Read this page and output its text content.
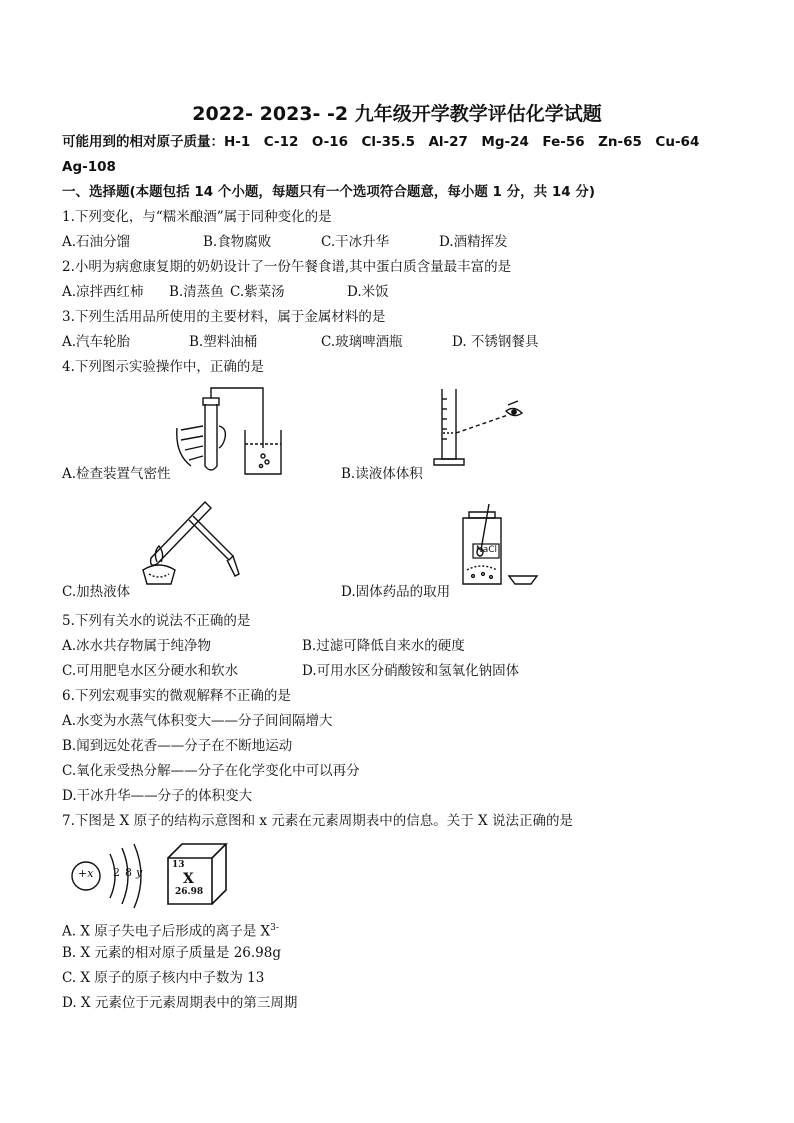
2022- 2023- -2 九年级开学教学评估化学试题
可能用到的相对原子质量：H-1　C-12　O-16　Cl-35.5　Al-27　Mg-24　Fe-56　Zn-65　Cu-64
Ag-108
一、选择题(本题包括 14 个小题，每题只有一个选项符合题意，每小题 1 分，共 14 分)
1.下列变化，与“糯米酿酒”属于同种变化的是
A.石油分馏	B.食物腐败	C.干冰升华	D.酒精挥发
2.小明为病愈康复期的奶奶设计了一份午餐食谱,其中蛋白质含量最丰富的是
A.凉拌西红柿 B.清蒸鱼 C.紫菜汤	D.米饭
3.下列生活用品所使用的主要材料，属于金属材料的是
A.汽车轮胎	B.塑料油桶	C.玻璃啤酒瓶	D. 不锈钢餐具
4.下列图示实验操作中，正确的是
A.检查装置气密性	B.读液体体积
C.加热液体
NaCl
D.固体药品的取用
5.下列有关水的说法不正确的是
A.冰水共存物属于纯净物	B.过滤可降低自来水的硬度
C.可用肥皂水区分硬水和软水	D.可用水区分硝酸铵和氢氧化钠固体
6.下列宏观事实的微观解释不正确的是
A.水变为水蒸气体积变大——分子间间隔增大
B.闻到远处花香——分子在不断地运动
C.氧化汞受热分解——分子在化学变化中可以再分
D.干冰升华——分子的体积变大
7.下图是 X 原子的结构示意图和 x 元素在元素周期表中的信息。关于 X 说法正确的是
+x 2 8 y
13
X
26.98
A. X 原子失电子后形成的离子是 $X^{3-}$
B. X 元素的相对原子质量是 26.98g
C. X 原子的原子核内中子数为 13
D. X 元素位于元素周期表中的第三周期
